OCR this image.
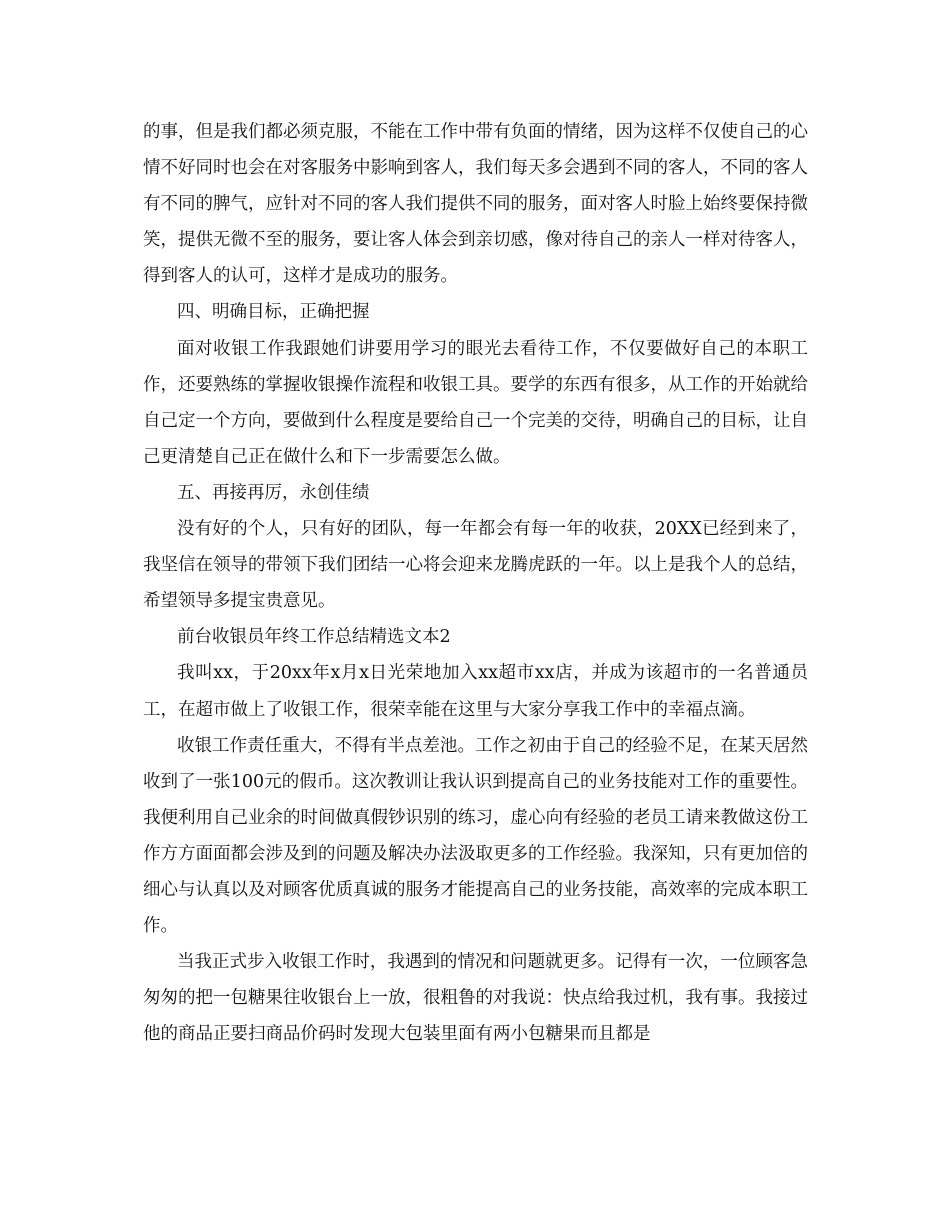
的事，但是我们都必须克服，不能在工作中带有负面的情绪，因为这样不仅使自己的心情不好同时也会在对客服务中影响到客人，我们每天多会遇到不同的客人，不同的客人有不同的脾气，应针对不同的客人我们提供不同的服务，面对客人时脸上始终要保持微笑，提供无微不至的服务，要让客人体会到亲切感，像对待自己的亲人一样对待客人，得到客人的认可，这样才是成功的服务。

四、明确目标，正确把握

面对收银工作我跟她们讲要用学习的眼光去看待工作，不仅要做好自己的本职工作，还要熟练的掌握收银操作流程和收银工具。要学的东西有很多，从工作的开始就给自己定一个方向，要做到什么程度是要给自己一个完美的交待，明确自己的目标，让自己更清楚自己正在做什么和下一步需要怎么做。

五、再接再厉，永创佳绩

没有好的个人，只有好的团队，每一年都会有每一年的收获，20XX已经到来了，我坚信在领导的带领下我们团结一心将会迎来龙腾虎跃的一年。以上是我个人的总结，希望领导多提宝贵意见。

前台收银员年终工作总结精选文本2

我叫xx，于20xx年x月x日光荣地加入xx超市xx店，并成为该超市的一名普通员工，在超市做上了收银工作，很荣幸能在这里与大家分享我工作中的幸福点滴。

收银工作责任重大，不得有半点差池。工作之初由于自己的经验不足，在某天居然收到了一张100元的假币。这次教训让我认识到提高自己的业务技能对工作的重要性。我便利用自己业余的时间做真假钞识别的练习，虚心向有经验的老员工请来教做这份工作方方面面都会涉及到的问题及解决办法汲取更多的工作经验。我深知，只有更加倍的细心与认真以及对顾客优质真诚的服务才能提高自己的业务技能，高效率的完成本职工作。

当我正式步入收银工作时，我遇到的情况和问题就更多。记得有一次，一位顾客急匆匆的把一包糖果往收银台上一放，很粗鲁的对我说：快点给我过机，我有事。我接过他的商品正要扫商品价码时发现大包装里面有两小包糖果而且都是
